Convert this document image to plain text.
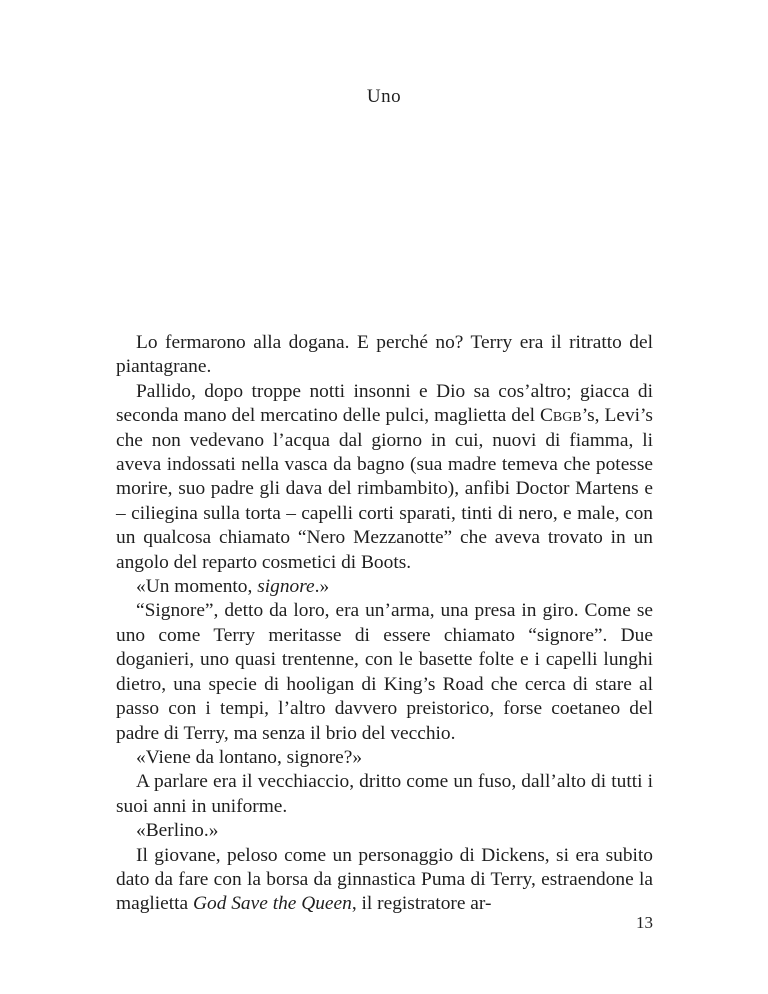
Uno

Lo fermarono alla dogana. E perché no? Terry era il ritratto del piantagrane.

Pallido, dopo troppe notti insonni e Dio sa cos’altro; giacca di seconda mano del mercatino delle pulci, maglietta del Cbgb’s, Levi’s che non vedevano l’acqua dal giorno in cui, nuovi di fiamma, li aveva indossati nella vasca da bagno (sua madre temeva che potesse morire, suo padre gli dava del rimbambito), anfibi Doctor Martens e – ciliegina sulla torta – capelli corti sparati, tinti di nero, e male, con un qualcosa chiamato “Nero Mezzanotte” che aveva trovato in un angolo del reparto cosmetici di Boots.

«Un momento, signore.»

“Signore”, detto da loro, era un’arma, una presa in giro. Come se uno come Terry meritasse di essere chiamato “signore”. Due doganieri, uno quasi trentenne, con le basette folte e i capelli lunghi dietro, una specie di hooligan di King’s Road che cerca di stare al passo con i tempi, l’altro davvero preistorico, forse coetaneo del padre di Terry, ma senza il brio del vecchio.

«Viene da lontano, signore?»

A parlare era il vecchiaccio, dritto come un fuso, dall’alto di tutti i suoi anni in uniforme.

«Berlino.»

Il giovane, peloso come un personaggio di Dickens, si era subito dato da fare con la borsa da ginnastica Puma di Terry, estraendone la maglietta God Save the Queen, il registratore ar-

13
